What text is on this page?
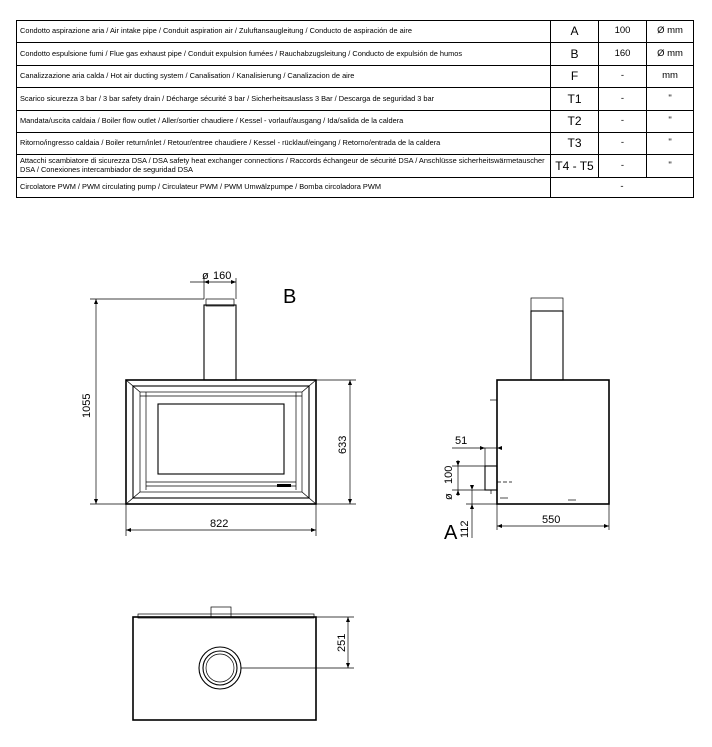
Condotto aspirazione aria / Air intake pipe / Conduit aspiration air / Zuluftansaugleitung / Conducto de aspiración de aire	A	100	Ø mm
Condotto espulsione fumi / Flue gas exhaust pipe / Conduit expulsion fumées / Rauchabzugsleitung / Conducto de expulsión de humos	B	160	Ø mm
Canalizzazione aria calda / Hot air ducting system / Canalisation / Kanalisierung / Canalizacion de aire	F	-	mm
Scarico sicurezza 3 bar / 3 bar safety drain / Décharge sécurité 3 bar / Sicherheitsauslass 3 Bar / Descarga de seguridad 3 bar	T1	-	"
Mandata/uscita caldaia / Boiler flow outlet / Aller/sortier chaudiere / Kessel - vorlauf/ausgang / Ida/salida de la caldera	T2	-	"
Ritorno/ingresso caldaia / Boiler return/inlet / Retour/entree chaudiere / Kessel - rücklauf/eingang / Retorno/entrada de la caldera	T3	-	"
Attacchi scambiatore di sicurezza DSA / DSA safety heat exchanger connections / Raccords échangeur de sécurité DSA / Anschlüsse sicherheitswärmetauscher DSA / Conexiones intercambiador de seguridad DSA	T4 - T5	-	"
Circolatore PWM / PWM circulating pump / Circulateur PWM / PWM Umwälzpumpe / Bomba circoladora PWM	-		
ø 160
B
1055
633
822
51
100
ø
112
A
550
251
